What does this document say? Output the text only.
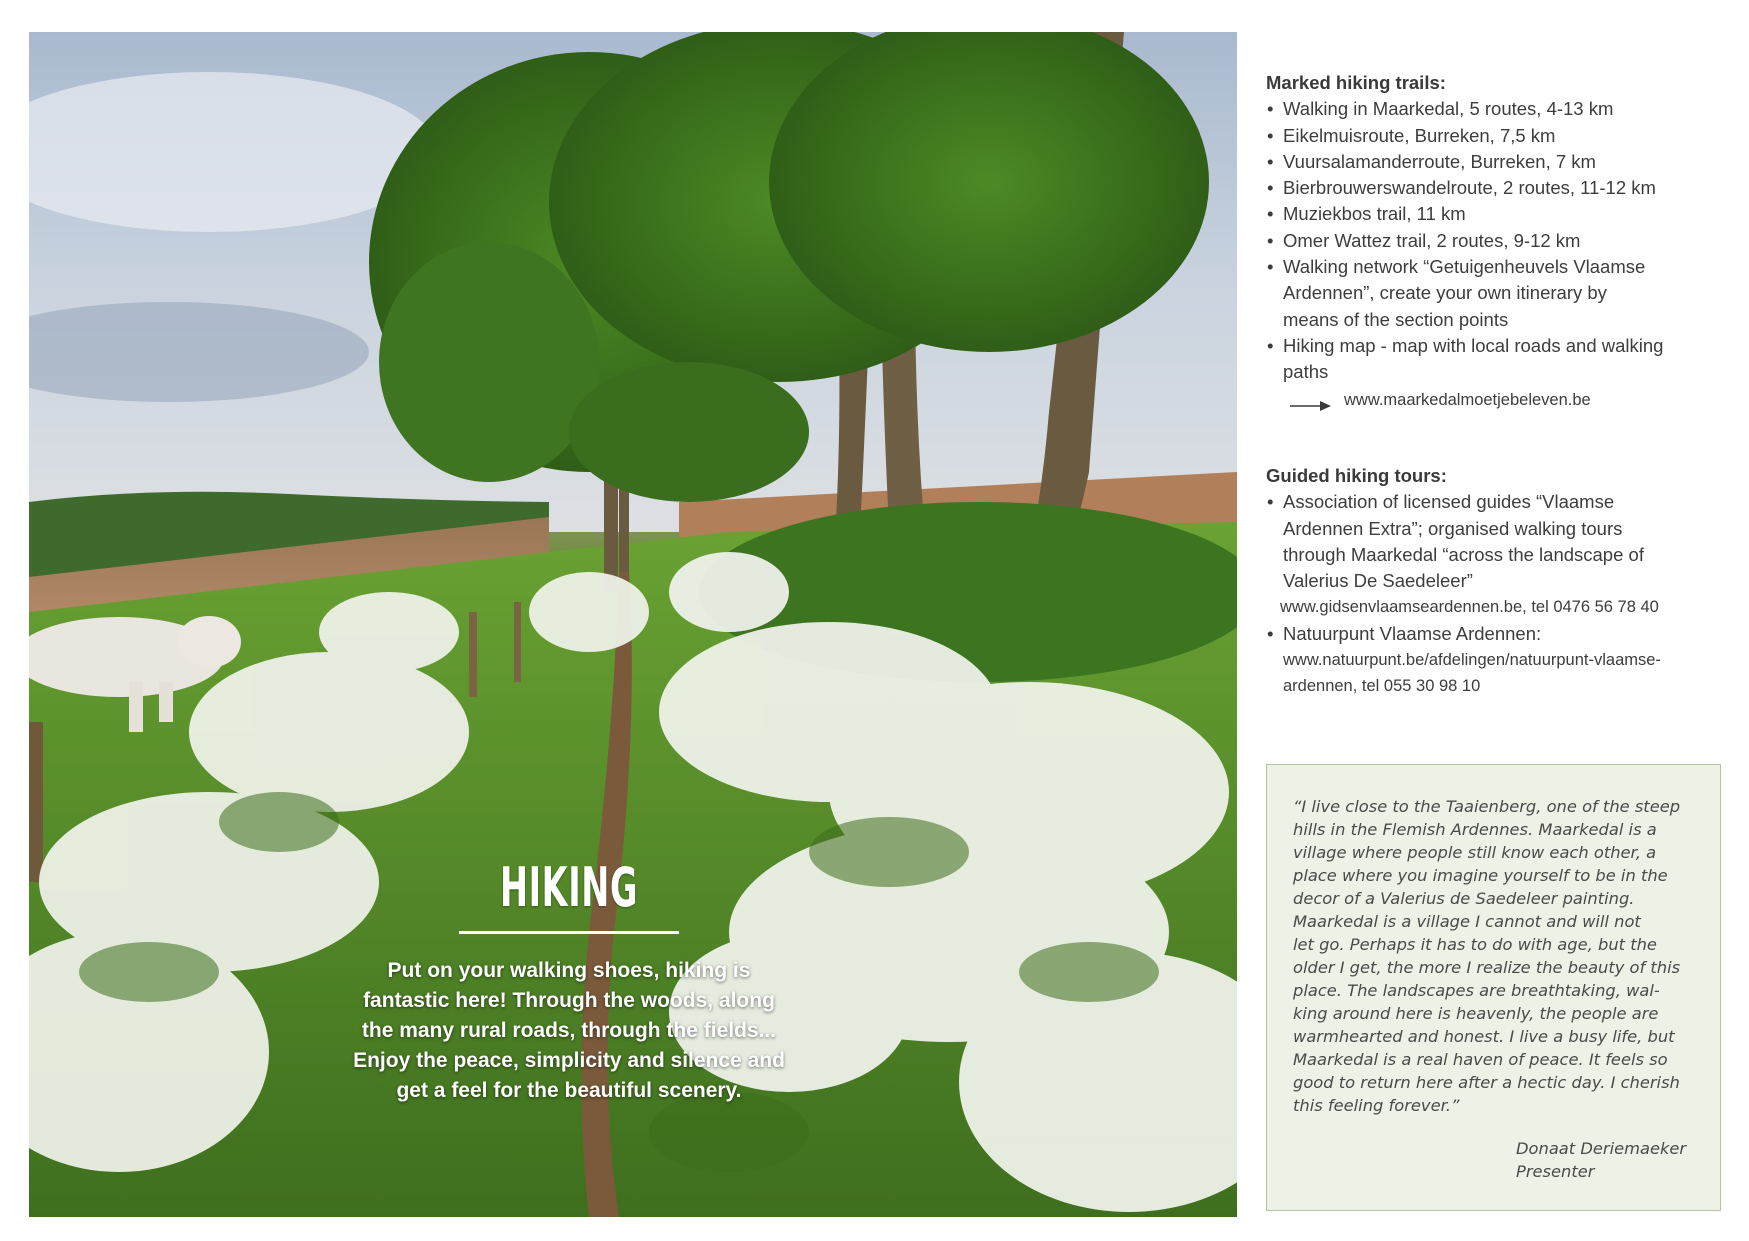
HIKING
Put on your walking shoes, hiking is
fantastic here! Through the woods, along
the many rural roads, through the fields...
Enjoy the peace, simplicity and silence and
get a feel for the beautiful scenery.
Marked hiking trails:
• Walking in Maarkedal, 5 routes, 4-13 km
• Eikelmuisroute, Burreken, 7,5 km
• Vuursalamanderroute, Burreken, 7 km
• Bierbrouwerswandelroute, 2 routes, 11-12 km
• Muziekbos trail, 11 km
• Omer Wattez trail, 2 routes, 9-12 km
• Walking network “Getuigenheuvels Vlaamse
Ardennen”, create your own itinerary by
means of the section points
• Hiking map - map with local roads and walking
paths
www.maarkedalmoetjebeleven.be
Guided hiking tours:
• Association of licensed guides “Vlaamse
Ardennen Extra”; organised walking tours
through Maarkedal “across the landscape of
Valerius De Saedeleer”
www.gidsenvlaamseardennen.be, tel 0476 56 78 40
• Natuurpunt Vlaamse Ardennen:
www.natuurpunt.be/afdelingen/natuurpunt-vlaamse-
ardennen, tel 055 30 98 10
“I live close to the Taaienberg, one of the steep
hills in the Flemish Ardennes. Maarkedal is a
village where people still know each other, a
place where you imagine yourself to be in the
decor of a Valerius de Saedeleer painting.
Maarkedal is a village I cannot and will not
let go. Perhaps it has to do with age, but the
older I get, the more I realize the beauty of this
place. The landscapes are breathtaking, wal-
king around here is heavenly, the people are
warmhearted and honest. I live a busy life, but
Maarkedal is a real haven of peace. It feels so
good to return here after a hectic day. I cherish
this feeling forever.”
Donaat Deriemaeker
Presenter
